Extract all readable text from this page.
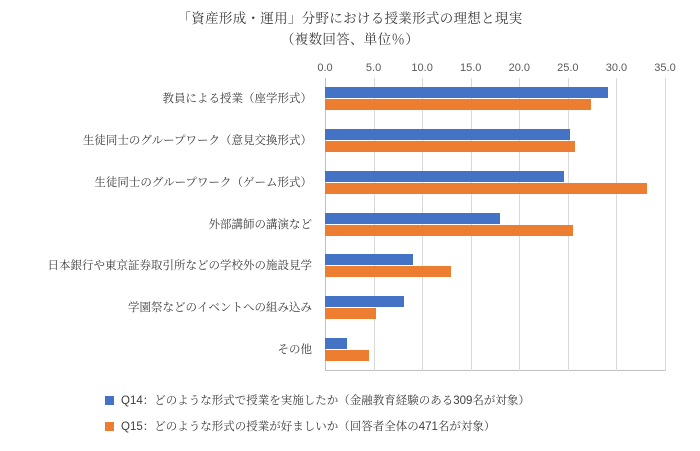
「資産形成・運用」分野における授業形式の理想と現実
（複数回答、単位％）
0.0	5.0	10.0 15.0 20.0 25.0 30.0 35.0
教員による授業（座学形式）
生徒同士のグループワーク（意見交換形式）
生徒同士のグループワーク（ゲーム形式）
外部講師の講演など
日本銀行や東京証券取引所などの学校外の施設見学
学園祭などのイベントへの組み込み
その他
Q14：どのような形式で授業を実施したか（金融教育経験のある309名が対象）
Q15：どのような形式の授業が好ましいか（回答者全体の471名が対象）
